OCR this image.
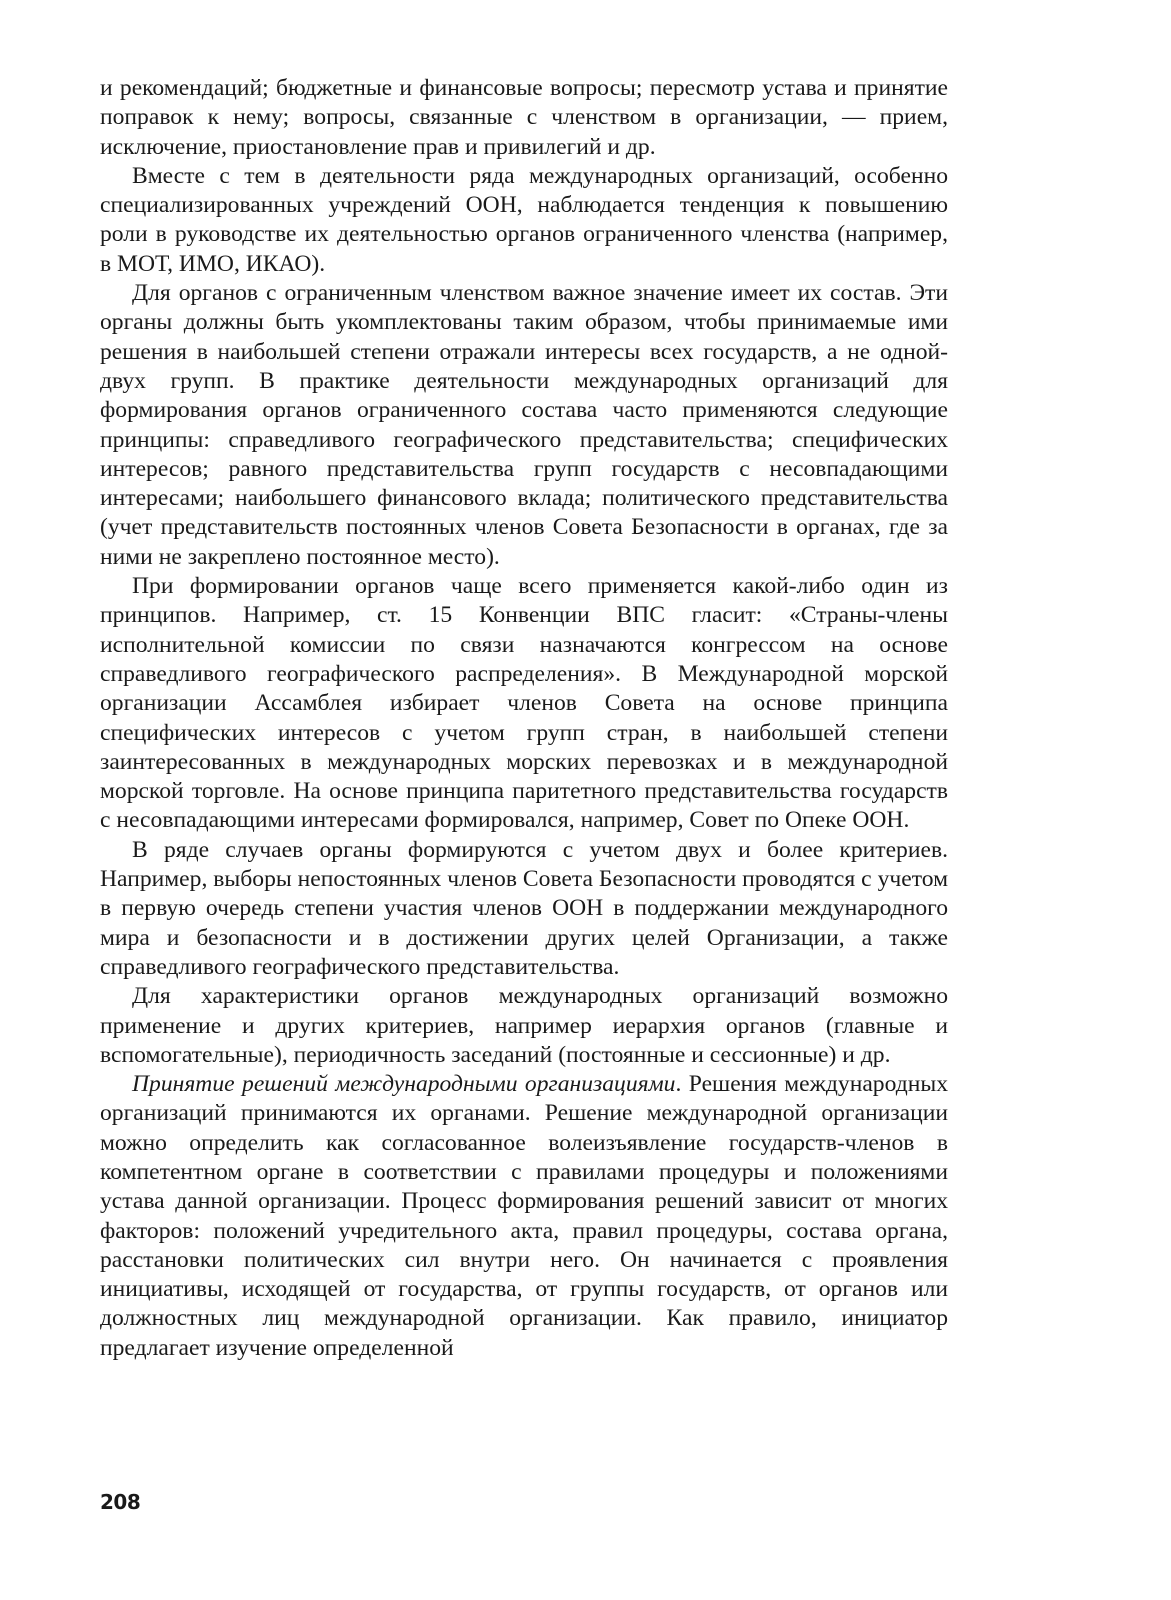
и рекомендаций; бюджетные и финансовые вопросы; пересмотр устава и принятие поправок к нему; вопросы, связанные с членством в организации, — прием, исключение, приостановление прав и привилегий и др.

Вместе с тем в деятельности ряда международных организаций, особенно специализированных учреждений ООН, наблюдается тенденция к повышению роли в руководстве их деятельностью органов ограниченного членства (например, в МОТ, ИМО, ИКАО).

Для органов с ограниченным членством важное значение имеет их состав. Эти органы должны быть укомплектованы таким образом, чтобы принимаемые ими решения в наибольшей степени отражали интересы всех государств, а не одной-двух групп. В практике деятельности международных организаций для формирования органов ограниченного состава часто применяются следующие принципы: справедливого географического представительства; специфических интересов; равного представительства групп государств с несовпадающими интересами; наибольшего финансового вклада; политического представительства (учет представительств постоянных членов Совета Безопасности в органах, где за ними не закреплено постоянное место).

При формировании органов чаще всего применяется какой-либо один из принципов. Например, ст. 15 Конвенции ВПС гласит: «Страны-члены исполнительной комиссии по связи назначаются конгрессом на основе справедливого географического распределения». В Международной морской организации Ассамблея избирает членов Совета на основе принципа специфических интересов с учетом групп стран, в наибольшей степени заинтересованных в международных морских перевозках и в международной морской торговле. На основе принципа паритетного представительства государств с несовпадающими интересами формировался, например, Совет по Опеке ООН.

В ряде случаев органы формируются с учетом двух и более критериев. Например, выборы непостоянных членов Совета Безопасности проводятся с учетом в первую очередь степени участия членов ООН в поддержании международного мира и безопасности и в достижении других целей Организации, а также справедливого географического представительства.

Для характеристики органов международных организаций возможно применение и других критериев, например иерархия органов (главные и вспомогательные), периодичность заседаний (постоянные и сессионные) и др.

Принятие решений международными организациями. Решения международных организаций принимаются их органами. Решение международной организации можно определить как согласованное волеизъявление государств-членов в компетентном органе в соответствии с правилами процедуры и положениями устава данной организации. Процесс формирования решений зависит от многих факторов: положений учредительного акта, правил процедуры, состава органа, расстановки политических сил внутри него. Он начинается с проявления инициативы, исходящей от государства, от группы государств, от органов или должностных лиц международной организации. Как правило, инициатор предлагает изучение определенной

208
